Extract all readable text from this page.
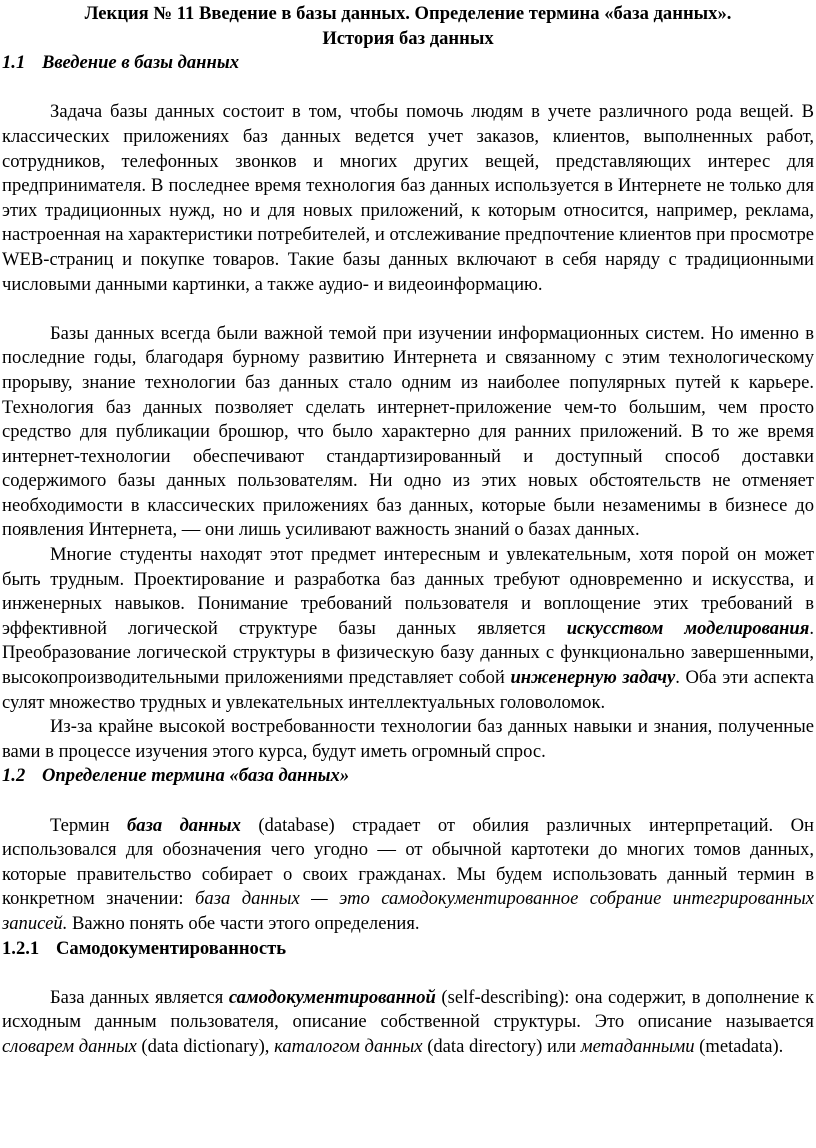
Лекция № 11 Введение в базы данных. Определение термина «база данных».
История баз данных
1.1 Введение в базы данных

Задача базы данных состоит в том, чтобы помочь людям в учете различного рода вещей. В классических приложениях баз данных ведется учет заказов, клиентов, выполненных работ, сотрудников, телефонных звонков и многих других вещей, представляющих интерес для предпринимателя. В последнее время технология баз данных используется в Интернете не только для этих традиционных нужд, но и для новых приложений, к которым относится, например, реклама, настроенная на характеристики потребителей, и отслеживание предпочтение клиентов при просмотре WEB-страниц и покупке товаров. Такие базы данных включают в себя наряду с традиционными числовыми данными картинки, а также аудио- и видеоинформацию.

Базы данных всегда были важной темой при изучении информационных систем. Но именно в последние годы, благодаря бурному развитию Интернета и связанному с этим технологическому прорыву, знание технологии баз данных стало одним из наиболее популярных путей к карьере. Технология баз данных позволяет сделать интернет-приложение чем-то большим, чем просто средство для публикации брошюр, что было характерно для ранних приложений. В то же время интернет-технологии обеспечивают стандартизированный и доступный способ доставки содержимого базы данных пользователям. Ни одно из этих новых обстоятельств не отменяет необходимости в классических приложениях баз данных, которые были незаменимы в бизнесе до появления Интернета, — они лишь усиливают важность знаний о базах данных.

Многие студенты находят этот предмет интересным и увлекательным, хотя порой он может быть трудным. Проектирование и разработка баз данных требуют одновременно и искусства, и инженерных навыков. Понимание требований пользователя и воплощение этих требований в эффективной логической структуре базы данных является искусством моделирования. Преобразование логической структуры в физическую базу данных с функционально завершенными, высокопроизводительными приложениями представляет собой инженерную задачу. Оба эти аспекта сулят множество трудных и увлекательных интеллектуальных головоломок.

Из-за крайне высокой востребованности технологии баз данных навыки и знания, полученные вами в процессе изучения этого курса, будут иметь огромный спрос.

1.2 Определение термина «база данных»

Термин база данных (database) страдает от обилия различных интерпретаций. Он использовался для обозначения чего угодно — от обычной картотеки до многих томов данных, которые правительство собирает о своих гражданах. Мы будем использовать данный термин в конкретном значении: база данных — это самодокументированное собрание интегрированных записей. Важно понять обе части этого определения.

1.2.1 Самодокументированность

База данных является самодокументированной (self-describing): она содержит, в дополнение к исходным данным пользователя, описание собственной структуры. Это описание называется словарем данных (data dictionary), каталогом данных (data directory) или метаданными (metadata).
